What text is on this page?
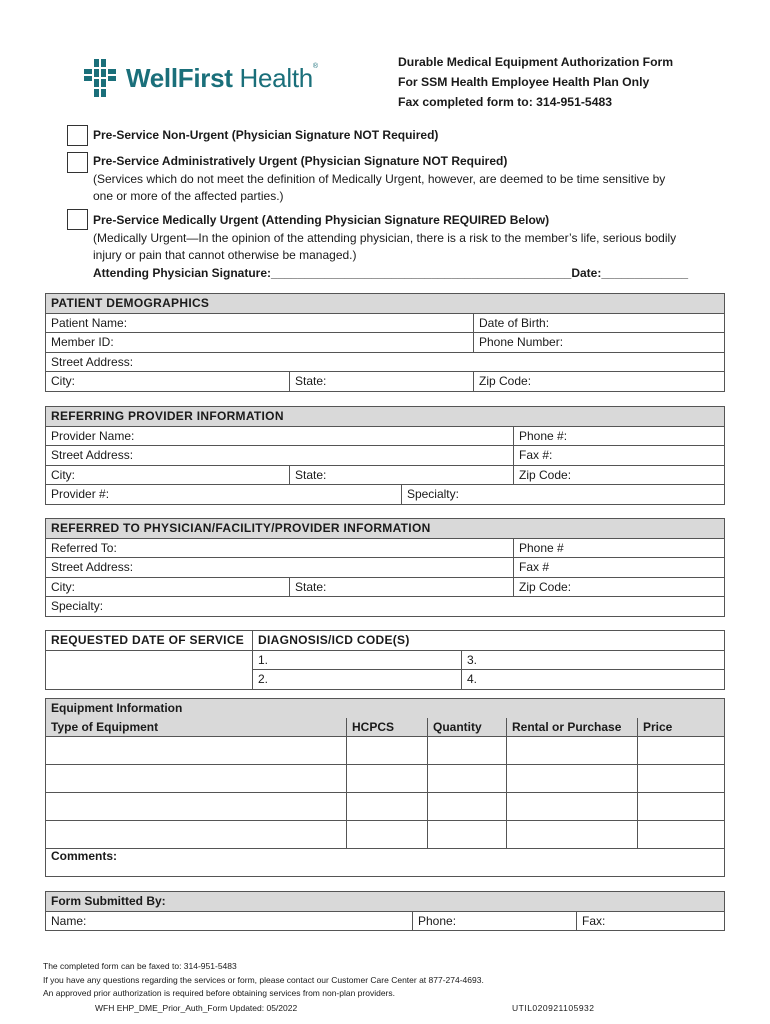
WellFirst Health®	Durable Medical Equipment Authorization Form
For SSM Health Employee Health Plan Only
Fax completed form to: 314-951-5483
Pre-Service Non-Urgent (Physician Signature NOT Required)
Pre-Service Administratively Urgent (Physician Signature NOT Required)
(Services which do not meet the definition of Medically Urgent, however, are deemed to be time sensitive by
one or more of the affected parties.)
Pre-Service Medically Urgent (Attending Physician Signature REQUIRED Below)
(Medically Urgent—In the opinion of the attending physician, there is a risk to the member’s life, serious bodily
injury or pain that cannot otherwise be managed.)
Attending Physician Signature:_____________________________________________Date:_____________
PATIENT DEMOGRAPHICS		
Patient Name:		Date of Birth:
Member ID:		Phone Number:
Street Address:		
City:	State:	Zip Code:
REFERRING PROVIDER INFORMATION			
Provider Name:			Phone #:
Street Address:			Fax #:
City:	State:		Zip Code:
Provider #:		Specialty:	
REFERRED TO PHYSICIAN/FACILITY/PROVIDER INFORMATION		
Referred To:		Phone #
Street Address:		Fax #
City:	State:	Zip Code:
Specialty:		
REQUESTED DATE OF SERVICE	DIAGNOSIS/ICD CODE(S)	
	1.	3.
	2.	4.
Equipment Information				
Type of Equipment	HCPCS	Quantity	Rental or Purchase	Price

Comments:				
Form Submitted By:
Name:	Phone:	Fax:
The completed form can be faxed to: 314-951-5483
If you have any questions regarding the services or form, please contact our Customer Care Center at 877-274-4693.
An approved prior authorization is required before obtaining services from non-plan providers.
WFH EHP_DME_Prior_Auth_Form Updated: 05/2022	UTIL020921105932
